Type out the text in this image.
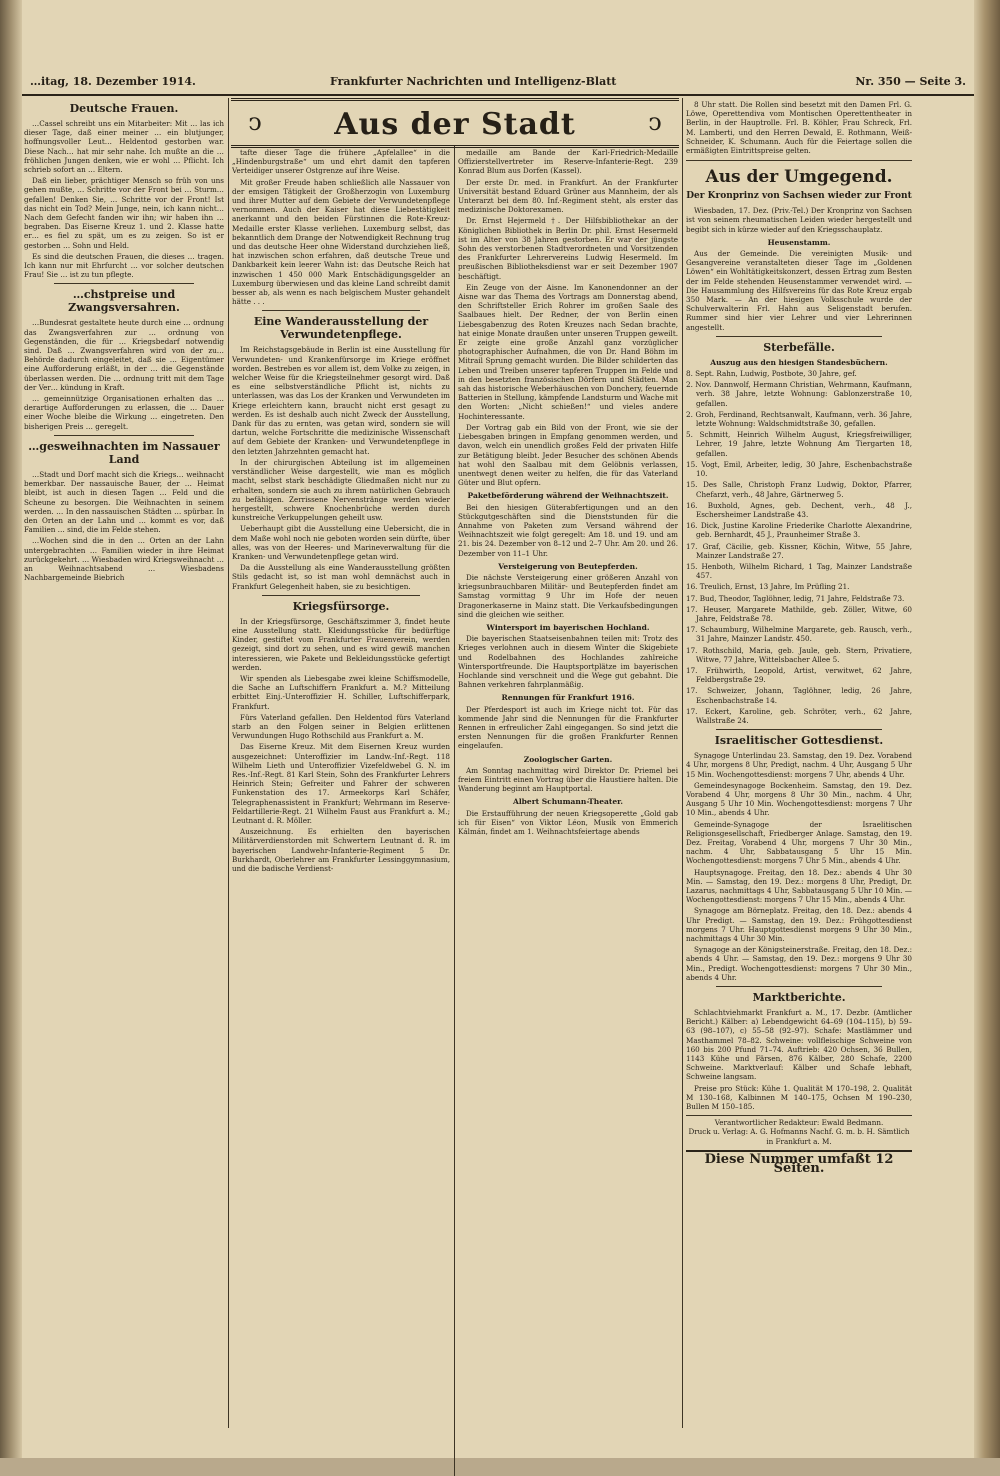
…itag, 18. Dezember 1914.	Frankfurter Nachrichten und Intelligenz-Blatt	Nr. 350 — Seite 3.
Deutsche Frauen.

…Cassel schreibt uns ein Mitarbeiter: Mit … las ich dieser Tage, daß einer meiner … ein blutjunger, hoffnungsvoller Leut… Heldentod gestorben war. Diese Nach… hat mir sehr nahe. Ich mußte an die … fröhlichen Jungen denken, wie er wohl … Pflicht. Ich schrieb sofort an … Eltern.

Daß ein lieber, prächtiger Mensch so früh von uns gehen mußte, … Schritte vor der Front bei … Sturm… gefallen! Denken Sie, … Schritte vor der Front! Ist das nicht ein Tod? Mein Junge, nein, ich kann nicht… Nach dem Gefecht fanden wir ihn; wir haben ihn … begraben. Das Eiserne Kreuz 1. und 2. Klasse hatte er… es fiel zu spät, um es zu zeigen. So ist er gestorben … Sohn und Held.

Es sind die deutschen Frauen, die dieses … tragen. Ich kann nur mit Ehrfurcht … vor solcher deutschen Frau! Sie … ist zu tun pflegte.

…chstpreise und Zwangsversahren.

…Bundesrat gestaltete heute durch eine … ordnung das Zwangsverfahren zur … ordnung von Gegenständen, die für … Kriegsbedarf notwendig sind. Daß … Zwangsverfahren wird von der zu… Behörde dadurch eingeleitet, daß sie … Eigentümer eine Aufforderung erläßt, in der … die Gegenstände überlassen werden. Die … ordnung tritt mit dem Tage der Ver… kündung in Kraft.

… gemeinnützige Organisationen erhalten das … derartige Aufforderungen zu erlassen, die … Dauer einer Woche bleibe die Wirkung … eingetreten. Den bisherigen Preis … geregelt.

…gesweihnachten im Nassauer Land

…Stadt und Dorf macht sich die Kriegs… weihnacht bemerkbar. Der nassauische Bauer, der … Heimat bleibt, ist auch in diesen Tagen … Feld und die Scheune zu besorgen. Die Weihnachten in seinem werden. … In den nassauischen Städten … spürbar. In den Orten an der Lahn und … kommt es vor, daß Familien … sind, die im Felde stehen.

…Wochen sind die in den … Orten an der Lahn untergebrachten … Familien wieder in ihre Heimat zurückgekehrt. … Wiesbaden wird Kriegsweihnacht … an Weihnachtsabend … Wiesbadens Nachbargemeinde Biebrich

ↄ	Aus der Stadt	ↄ

tafte dieser Tage die frühere „Apfelallee“ in die „Hindenburgstraße“ um und ehrt damit den tapferen Verteidiger unserer Ostgrenze auf ihre Weise.

Mit großer Freude haben schließlich alle Nassauer von der emsigen Tätigkeit der Großherzogin von Luxemburg und ihrer Mutter auf dem Gebiete der Verwundetenpflege vernommen. Auch der Kaiser hat diese Liebestätigkeit anerkannt und den beiden Fürstinnen die Rote-Kreuz-Medaille erster Klasse verliehen. Luxemburg selbst, das bekanntlich dem Drange der Notwendigkeit Rechnung trug und das deutsche Heer ohne Widerstand durchziehen ließ, hat inzwischen schon erfahren, daß deutsche Treue und Dankbarkeit kein leerer Wahn ist: das Deutsche Reich hat inzwischen 1 450 000 Mark Entschädigungsgelder an Luxemburg überwiesen und das kleine Land schreibt damit besser ab, als wenn es nach belgischem Muster gehandelt hätte . . .

Eine Wanderausstellung der Verwundetenpflege.

Im Reichstagsgebäude in Berlin ist eine Ausstellung für Verwundeten- und Krankenfürsorge im Kriege eröffnet worden. Bestreben es vor allem ist, dem Volke zu zeigen, in welcher Weise für die Kriegsteilnehmer gesorgt wird. Daß es eine selbstverständliche Pflicht ist, nichts zu unterlassen, was das Los der Kranken und Verwundeten im Kriege erleichtern kann, braucht nicht erst gesagt zu werden. Es ist deshalb auch nicht Zweck der Ausstellung, Dank für das zu ernten, was getan wird, sondern sie will dartun, welche Fortschritte die medizinische Wissenschaft auf dem Gebiete der Kranken- und Verwundetenpflege in den letzten Jahrzehnten gemacht hat.

In der chirurgischen Abteilung ist im allgemeinen verständlicher Weise dargestellt, wie man es möglich macht, selbst stark beschädigte Gliedmaßen nicht nur zu erhalten, sondern sie auch zu ihrem natürlichen Gebrauch zu befähigen. Zerrissene Nervenstränge werden wieder hergestellt, schwere Knochenbrüche werden durch kunstreiche Verkuppelungen geheilt usw.

Ueberhaupt gibt die Ausstellung eine Uebersicht, die in dem Maße wohl noch nie geboten worden sein dürfte, über alles, was von der Heeres- und Marineverwaltung für die Kranken- und Verwundetenpflege getan wird.

Da die Ausstellung als eine Wanderausstellung größten Stils gedacht ist, so ist man wohl demnächst auch in Frankfurt Gelegenheit haben, sie zu besichtigen.

Kriegsfürsorge.

In der Kriegsfürsorge, Geschäftszimmer 3, findet heute eine Ausstellung statt. Kleidungsstücke für bedürftige Kinder, gestiftet vom Frankfurter Frauenverein, werden gezeigt, sind dort zu sehen, und es wird gewiß manchen interessieren, wie Pakete und Bekleidungsstücke gefertigt werden.

Wir spenden als Liebesgabe zwei kleine Schiffsmodelle, die Sache an Luftschiffern Frankfurt a. M.? Mitteilung erbittet Einj.-Unteroffizier H. Schiller, Luftschifferpark, Frankfurt.

Fürs Vaterland gefallen. Den Heldentod fürs Vaterland starb an den Folgen seiner in Belgien erlittenen Verwundungen Hugo Rothschild aus Frankfurt a. M.

Das Eiserne Kreuz. Mit dem Eisernen Kreuz wurden ausgezeichnet: Unteroffizier im Landw.-Inf.-Regt. 118 Wilhelm Lieth und Unteroffizier Vizefeldwebel G. N. im Res.-Inf.-Regt. 81 Karl Stein, Sohn des Frankfurter Lehrers Heinrich Stein; Gefreiter und Fahrer der schweren Funkenstation des 17. Armeekorps Karl Schäfer, Telegraphenassistent in Frankfurt; Wehrmann im Reserve-Feldartillerie-Regt. 21 Wilhelm Faust aus Frankfurt a. M.; Leutnant d. R. Möller.

Auszeichnung. Es erhielten den bayerischen Militärverdienstorden mit Schwertern Leutnant d. R. im bayerischen Landwehr-Infanterie-Regiment 5 Dr. Burkhardt, Oberlehrer am Frankfurter Lessinggymnasium, und die badische Verdienst-

medaille am Bande der Karl-Friedrich-Medaille Offizierstellvertreter im Reserve-Infanterie-Regt. 239 Konrad Blum aus Dorfen (Kassel).

Der erste Dr. med. in Frankfurt. An der Frankfurter Universität bestand Eduard Grüner aus Mannheim, der als Unterarzt bei dem 80. Inf.-Regiment steht, als erster das medizinische Doktorexamen.

Dr. Ernst Hejermeld †. Der Hilfsbibliothekar an der Königlichen Bibliothek in Berlin Dr. phil. Ernst Hesermeld ist im Alter von 38 Jahren gestorben. Er war der jüngste Sohn des verstorbenen Stadtverordneten und Vorsitzenden des Frankfurter Lehrervereins Ludwig Hesermeld. Im preußischen Bibliotheksdienst war er seit Dezember 1907 beschäftigt.

Ein Zeuge von der Aisne. Im Kanonendonner an der Aisne war das Thema des Vortrags am Donnerstag abend, den Schriftsteller Erich Rohrer im großen Saale des Saalbaues hielt. Der Redner, der von Berlin einen Liebesgabenzug des Roten Kreuzes nach Sedan brachte, hat einige Monate draußen unter unseren Truppen geweilt. Er zeigte eine große Anzahl ganz vorzüglicher photographischer Aufnahmen, die von Dr. Hand Böhm im Mitrail Sprung gemacht wurden. Die Bilder schilderten das Leben und Treiben unserer tapferen Truppen im Felde und in den besetzten französischen Dörfern und Städten. Man sah das historische Weberhäuschen von Donchery, feuernde Batterien in Stellung, kämpfende Landsturm und Wache mit den Worten: „Nicht schießen!“ und vieles andere Hochinteressante.

Der Vortrag gab ein Bild von der Front, wie sie der Liebesgaben bringen in Empfang genommen werden, und davon, welch ein unendlich großes Feld der privaten Hilfe zur Betätigung bleibt. Jeder Besucher des schönen Abends hat wohl den Saalbau mit dem Gelöbnis verlassen, unentwegt denen weiter zu helfen, die für das Vaterland Güter und Blut opfern.

Paketbeförderung während der Weihnachtszeit.

Bei den hiesigen Güterabfertigungen und an den Stückgutgeschäften sind die Dienststunden für die Annahme von Paketen zum Versand während der Weihnachtszeit wie folgt geregelt: Am 18. und 19. und am 21. bis 24. Dezember von 8–12 und 2–7 Uhr. Am 20. und 26. Dezember von 11–1 Uhr.

Versteigerung von Beutepferden.

Die nächste Versteigerung einer größeren Anzahl von kriegsunbrauchbaren Militär- und Beutepferden findet am Samstag vormittag 9 Uhr im Hofe der neuen Dragonerkaserne in Mainz statt. Die Verkaufsbedingungen sind die gleichen wie seither.

Wintersport im bayerischen Hochland.

Die bayerischen Staatseisenbahnen teilen mit: Trotz des Krieges verlohnen auch in diesem Winter die Skigebiete und Rodelbahnen des Hochlandes zahlreiche Wintersportfreunde. Die Hauptsportplätze im bayerischen Hochlande sind verschneit und die Wege gut gebahnt. Die Bahnen verkehren fahrplanmäßig.

Rennungen für Frankfurt 1916.

Der Pferdesport ist auch im Kriege nicht tot. Für das kommende Jahr sind die Nennungen für die Frankfurter Rennen in erfreulicher Zahl eingegangen. So sind jetzt die ersten Nennungen für die großen Frankfurter Rennen eingelaufen.

Zoologischer Garten.

Am Sonntag nachmittag wird Direktor Dr. Priemel bei freiem Eintritt einen Vortrag über die Haustiere halten. Die Wanderung beginnt am Hauptportal.

Albert Schumann-Theater.

Die Erstaufführung der neuen Kriegsoperette „Gold gab ich für Eisen“ von Viktor Léon, Musik von Emmerich Kálmán, findet am 1. Weihnachtsfeiertage abends

8 Uhr statt. Die Rollen sind besetzt mit den Damen Frl. G. Löwe, Operettendiva vom Montischen Operettentheater in Berlin, in der Hauptrolle. Frl. B. Köhler, Frau Schreck, Frl. M. Lamberti, und den Herren Dewald, E. Rothmann, Weiß-Schneider, K. Schumann. Auch für die Feiertage sollen die ermäßigten Eintrittspreise gelten.

Aus der Umgegend.
Der Kronprinz von Sachsen wieder zur Front

Wiesbaden, 17. Dez. (Priv.-Tel.) Der Kronprinz von Sachsen ist von seinem rheumatischen Leiden wieder hergestellt und begibt sich in kürze wieder auf den Kriegsschauplatz.

Heusenstamm.

Aus der Gemeinde. Die vereinigten Musik- und Gesangvereine veranstalteten dieser Tage im „Goldenen Löwen“ ein Wohltätigkeitskonzert, dessen Ertrag zum Besten der im Felde stehenden Heusenstammer verwendet wird. — Die Hausammlung des Hilfsvereins für das Rote Kreuz ergab 350 Mark. — An der hiesigen Volksschule wurde der Schulverwalterin Frl. Hahn aus Seligenstadt berufen. Rummer sind hier vier Lehrer und vier Lehrerinnen angestellt.

Sterbefälle.
Auszug aus den hiesigen Standesbüchern.

8. Sept. Rahn, Ludwig, Postbote, 30 Jahre, gef.

2. Nov. Dannwolf, Hermann Christian, Wehrmann, Kaufmann, verh. 38 Jahre, letzte Wohnung: Gablonzerstraße 10, gefallen.

2. Groh, Ferdinand, Rechtsanwalt, Kaufmann, verh. 36 Jahre, letzte Wohnung: Waldschmidtstraße 30, gefallen.

5. Schmitt, Heinrich Wilhelm August, Kriegsfreiwilliger, Lehrer, 19 Jahre, letzte Wohnung Am Tiergarten 18, gefallen.

15. Vogt, Emil, Arbeiter, ledig, 30 Jahre, Eschenbachstraße 10.

15. Des Salle, Christoph Franz Ludwig, Doktor, Pfarrer, Chefarzt, verh., 48 Jahre, Gärtnerweg 5.

16. Buxhold, Agnes, geb. Dechent, verh., 48 J., Eschersheimer Landstraße 43.

16. Dick, Justine Karoline Friederike Charlotte Alexandrine, geb. Bernhardt, 45 J., Praunheimer Straße 3.

17. Graf, Cäcilie, geb. Kissner, Köchin, Witwe, 55 Jahre, Mainzer Landstraße 27.

15. Henboth, Wilhelm Richard, 1 Tag, Mainzer Landstraße 457.

16. Treulich, Ernst, 13 Jahre, Im Prüfling 21.

17. Bud, Theodor, Taglöhner, ledig, 71 Jahre, Feldstraße 73.

17. Heuser, Margarete Mathilde, geb. Zöller, Witwe, 60 Jahre, Feldstraße 78.

17. Schaumburg, Wilhelmine Margarete, geb. Rausch, verh., 31 Jahre, Mainzer Landstr. 450.

17. Rothschild, Maria, geb. Jaule, geb. Stern, Privatiere, Witwe, 77 Jahre, Wittelsbacher Allee 5.

17. Frühwirth, Leopold, Artist, verwitwet, 62 Jahre, Feldbergstraße 29.

17. Schweizer, Johann, Taglöhner, ledig, 26 Jahre, Eschenbachstraße 14.

17. Eckert, Karoline, geb. Schröter, verh., 62 Jahre, Wallstraße 24.

Israelitischer Gottesdienst.

Synagoge Unterlindau 23. Samstag, den 19. Dez. Vorabend 4 Uhr, morgens 8 Uhr, Predigt, nachm. 4 Uhr, Ausgang 5 Uhr 15 Min. Wochengottesdienst: morgens 7 Uhr, abends 4 Uhr.

Gemeindesynagoge Bockenheim. Samstag, den 19. Dez. Vorabend 4 Uhr, morgens 8 Uhr 30 Min., nachm. 4 Uhr, Ausgang 5 Uhr 10 Min. Wochengottesdienst: morgens 7 Uhr 10 Min., abends 4 Uhr.

Gemeinde-Synagoge der Israelitischen Religionsgesellschaft, Friedberger Anlage. Samstag, den 19. Dez. Freitag, Vorabend 4 Uhr, morgens 7 Uhr 30 Min., nachm. 4 Uhr, Sabbatausgang 5 Uhr 15 Min. Wochengottesdienst: morgens 7 Uhr 5 Min., abends 4 Uhr.

Hauptsynagoge. Freitag, den 18. Dez.: abends 4 Uhr 30 Min. — Samstag, den 19. Dez.: morgens 8 Uhr, Predigt, Dr. Lazarus, nachmittags 4 Uhr, Sabbatausgang 5 Uhr 10 Min. — Wochengottesdienst: morgens 7 Uhr 15 Min., abends 4 Uhr.

Synagoge am Börneplatz. Freitag, den 18. Dez.: abends 4 Uhr Predigt. — Samstag, den 19. Dez.: Frühgottesdienst morgens 7 Uhr. Hauptgottesdienst morgens 9 Uhr 30 Min., nachmittags 4 Uhr 30 Min.

Synagoge an der Königsteinerstraße. Freitag, den 18. Dez.: abends 4 Uhr. — Samstag, den 19. Dez.: morgens 9 Uhr 30 Min., Predigt. Wochengottesdienst: morgens 7 Uhr 30 Min., abends 4 Uhr.

Marktberichte.

Schlachtviehmarkt Frankfurt a. M., 17. Dezbr. (Amtlicher Bericht.) Kälber: a) Lebendgewicht 64–69 (104–115), b) 59–63 (98–107), c) 55–58 (92–97). Schafe: Mastlämmer und Masthammel 78–82. Schweine: vollfleischige Schweine von 160 bis 200 Pfund 71–74. Auftrieb: 420 Ochsen, 36 Bullen, 1143 Kühe und Färsen, 876 Kälber, 280 Schafe, 2200 Schweine. Marktverlauf: Kälber und Schafe lebhaft, Schweine langsam.

Preise pro Stück: Kühe 1. Qualität M 170–198, 2. Qualität M 130–168, Kalbinnen M 140–175, Ochsen M 190–230, Bullen M 150–185.

Verantwortlicher Redakteur: Ewald Bedmann.
Druck u. Verlag: A. G. Hofmanns Nachf. G. m. b. H. Sämtlich in Frankfurt a. M.
Diese Nummer umfaßt 12 Seiten.
